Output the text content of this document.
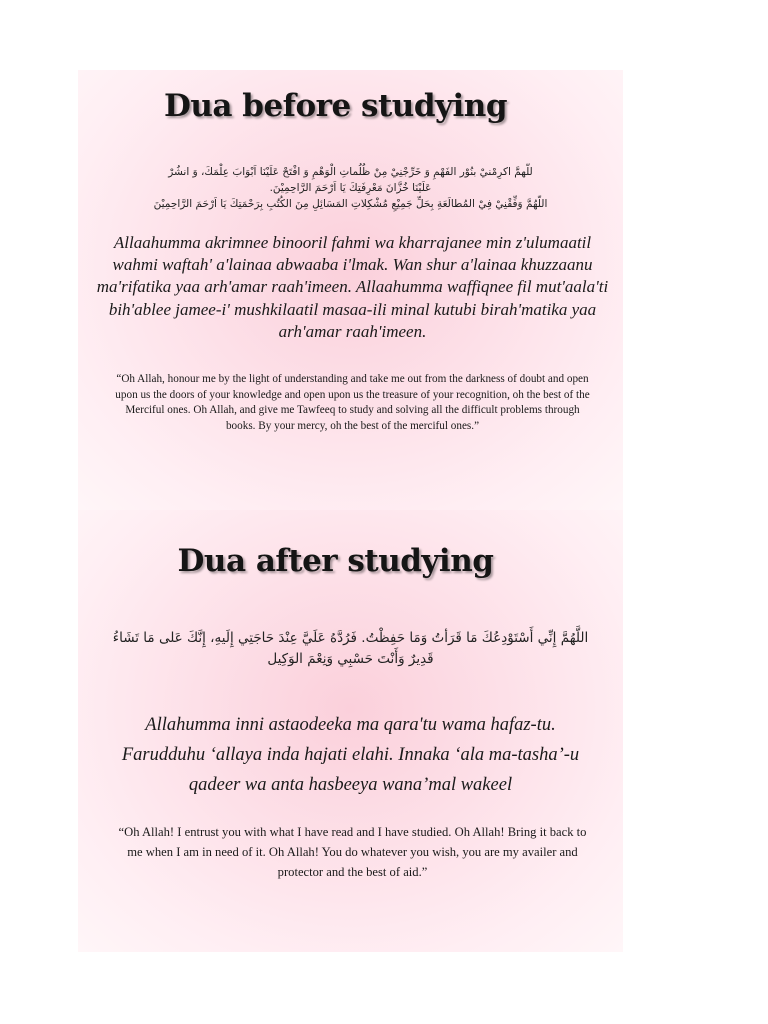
Dua before studying
للّهمَّ اكرِمْنيْ بنُوْر الفَهْمِ وَ خَرِّجْنِيْ مِنْ ظُلُماتِ الْوَهْمِ وَ افْتَحْ عَلَيْنَا اَبْوَابَ عِلْمَكَ، وَ انشُرْ
عَلَيْنَا خُزَّانَ مَعْرِفَتِكَ يَا اَرْحَمَ الرَّاحِمِيْنَ.
اللّهُمَّ وَفِّقْنِيْ فِيْ المُطالَعَةِ بِحَلِّ جَمِيْعِ مُشْكِلاتِ المَسَائِلِ مِنَ الكُتُبِ بِرَحْمَتِكَ يَا اَرْحَمَ الرَّاحِمِيْنَ

Allaahumma akrimnee binooril fahmi wa kharrajanee min z'ulumaatil wahmi waftah' a'lainaa abwaaba i'lmak. Wan shur a'lainaa khuzzaanu ma'rifatika yaa arh'amar raah'imeen. Allaahumma waffiqnee fil mut'aala'ti bih'ablee jamee-i' mushkilaatil masaa-ili minal kutubi birah'matika yaa arh'amar raah'imeen.

“Oh Allah, honour me by the light of understanding and take me out from the darkness of doubt and open upon us the doors of your knowledge and open upon us the treasure of your recognition, oh the best of the Merciful ones. Oh Allah, and give me Tawfeeq to study and solving all the difficult problems through books. By your mercy, oh the best of the merciful ones.”

Dua after studying
اللَّهُمَّ إِنِّي أَسْتَوْدِعُكَ مَا قَرَأتُ وَمَا حَفِظْتُ. فَرُدَّهُ عَلَيَّ عِنْدَ حَاجَتِي إِلَيهِ، إِنَّكَ عَلى مَا تَشَاءُ
قَدِيرٌ وَأَنْتَ حَسْبِي وَنِعْمَ الوَكِيل

Allahumma inni astaodeeka ma qara'tu wama hafaz-tu. Farudduhu ‘allaya inda hajati elahi. Innaka ‘ala ma-tasha’-u qadeer wa anta hasbeeya wana’mal wakeel

“Oh Allah! I entrust you with what I have read and I have studied. Oh Allah! Bring it back to me when I am in need of it. Oh Allah! You do whatever you wish, you are my availer and protector and the best of aid.”
